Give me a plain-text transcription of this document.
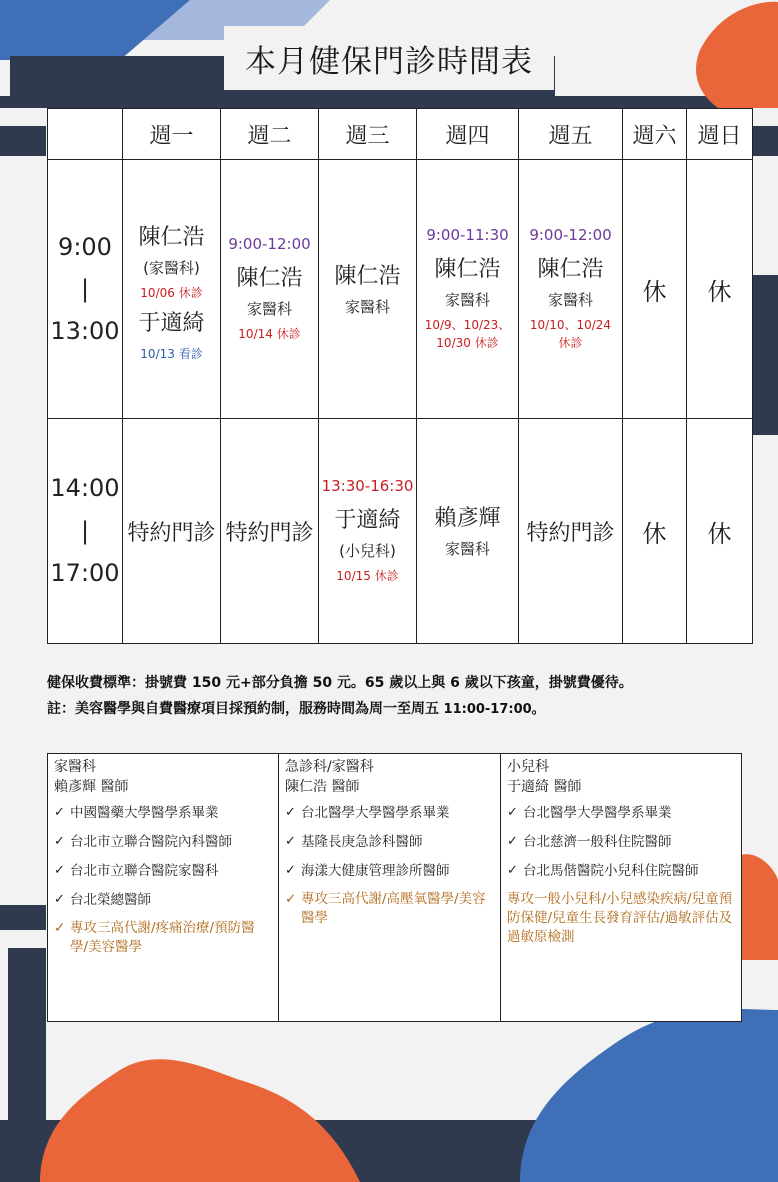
本月健保門診時間表
	週一	週二	週三	週四	週五	週六	週日
9:00
|
13:00	陳仁浩
(家醫科)
10/06 休診
于適綺
10/13 看診	9:00-12:00
陳仁浩
家醫科
10/14 休診	陳仁浩
家醫科	9:00-11:30
陳仁浩
家醫科
10/9、10/23、
10/30 休診	9:00-12:00
陳仁浩
家醫科
10/10、10/24
休診	休	休
14:00
|
17:00	特約門診	特約門診	13:30-16:30
于適綺
(小兒科)
10/15 休診	賴彥輝
家醫科	特約門診	休	休
健保收費標準：掛號費 150 元+部分負擔 50 元。65 歲以上與 6 歲以下孩童，掛號費優待。
註：美容醫學與自費醫療項目採預約制，服務時間為周一至周五 11:00-17:00。
家醫科
賴彥輝 醫師
✓ 中國醫藥大學醫學系畢業
✓ 台北市立聯合醫院內科醫師
✓ 台北市立聯合醫院家醫科
✓ 台北榮總醫師
✓ 專攻三高代謝/疼痛治療/預防醫學/美容醫學

急診科/家醫科
陳仁浩 醫師
✓ 台北醫學大學醫學系畢業
✓ 基隆長庚急診科醫師
✓ 海漾大健康管理診所醫師
✓ 專攻三高代謝/高壓氧醫學/美容醫學

小兒科
于適綺 醫師
✓ 台北醫學大學醫學系畢業
✓ 台北慈濟一般科住院醫師
✓ 台北馬偕醫院小兒科住院醫師
專攻一般小兒科/小兒感染疾病/兒童預防保健/兒童生長發育評估/過敏評估及過敏原檢測
